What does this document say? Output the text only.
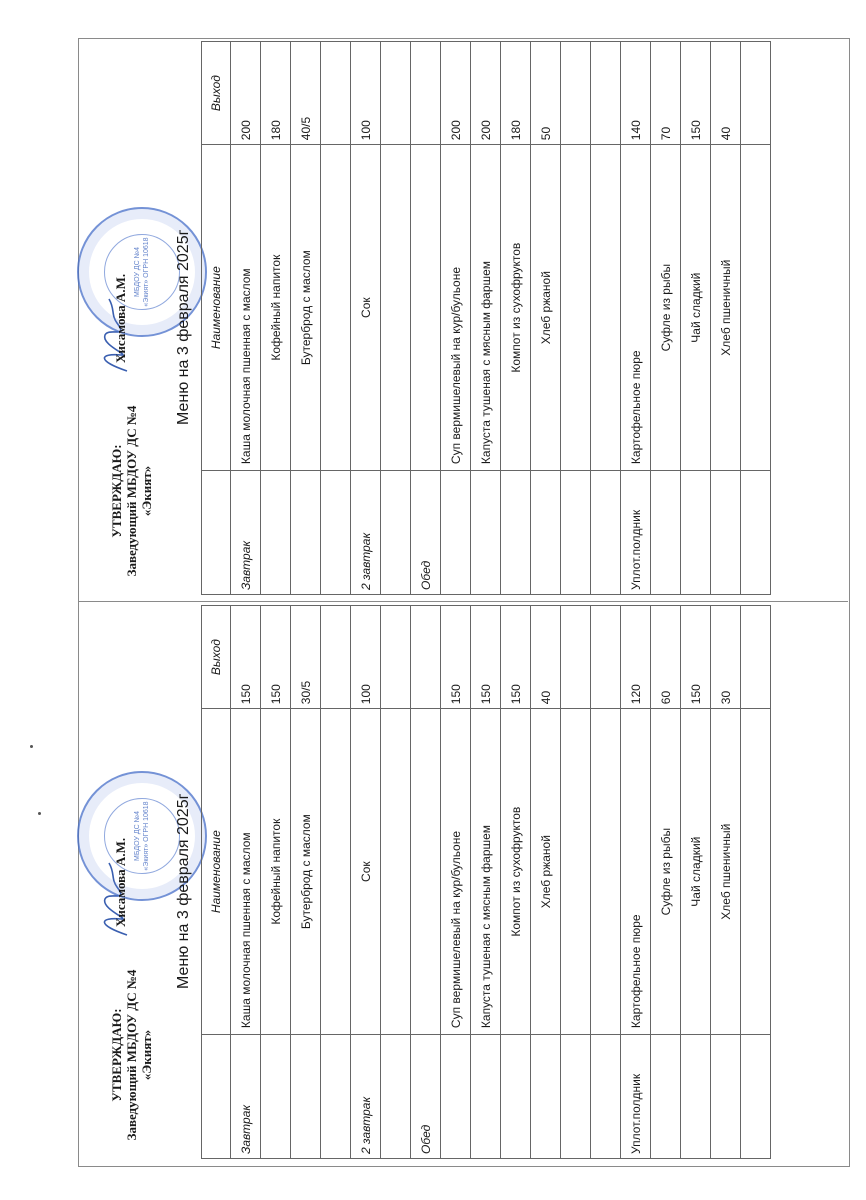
УТВЕРЖДАЮ: Заведующий МБДОУ ДС №4 «Экият»
МБДОУ ДС №4 «Экият» ОГРН 10618
Хисамова А.М.	Меню на 3 февраля 2025г
	Наименование	Выход
Завтрак	Каша молочная пшенная с маслом	200
	Кофейный напиток	180
	Бутерброд с маслом	40/5

2 завтрак	Сок	100

Обед		
	Суп вермишелевый на кур/бульоне	200
	Капуста тушеная с мясным фаршем	200
	Компот из сухофруктов	180
	Хлеб ржаной	50

Уплот.полдник	Картофельное пюре	140
	Суфле из рыбы	70
	Чай сладкий	150
	Хлеб пшеничный	40

УТВЕРЖДАЮ: Заведующий МБДОУ ДС №4 «Экият»
МБДОУ ДС №4 «Экият» ОГРН 10618
Хисамова А.М.	Меню на 3 февраля 2025г
	Наименование	Выход
Завтрак	Каша молочная пшенная с маслом	150
	Кофейный напиток	150
	Бутерброд с маслом	30/5

2 завтрак	Сок	100

Обед		
	Суп вермишелевый на кур/бульоне	150
	Капуста тушеная с мясным фаршем	150
	Компот из сухофруктов	150
	Хлеб ржаной	40

Уплот.полдник	Картофельное пюре	120
	Суфле из рыбы	60
	Чай сладкий	150
	Хлеб пшеничный	30
